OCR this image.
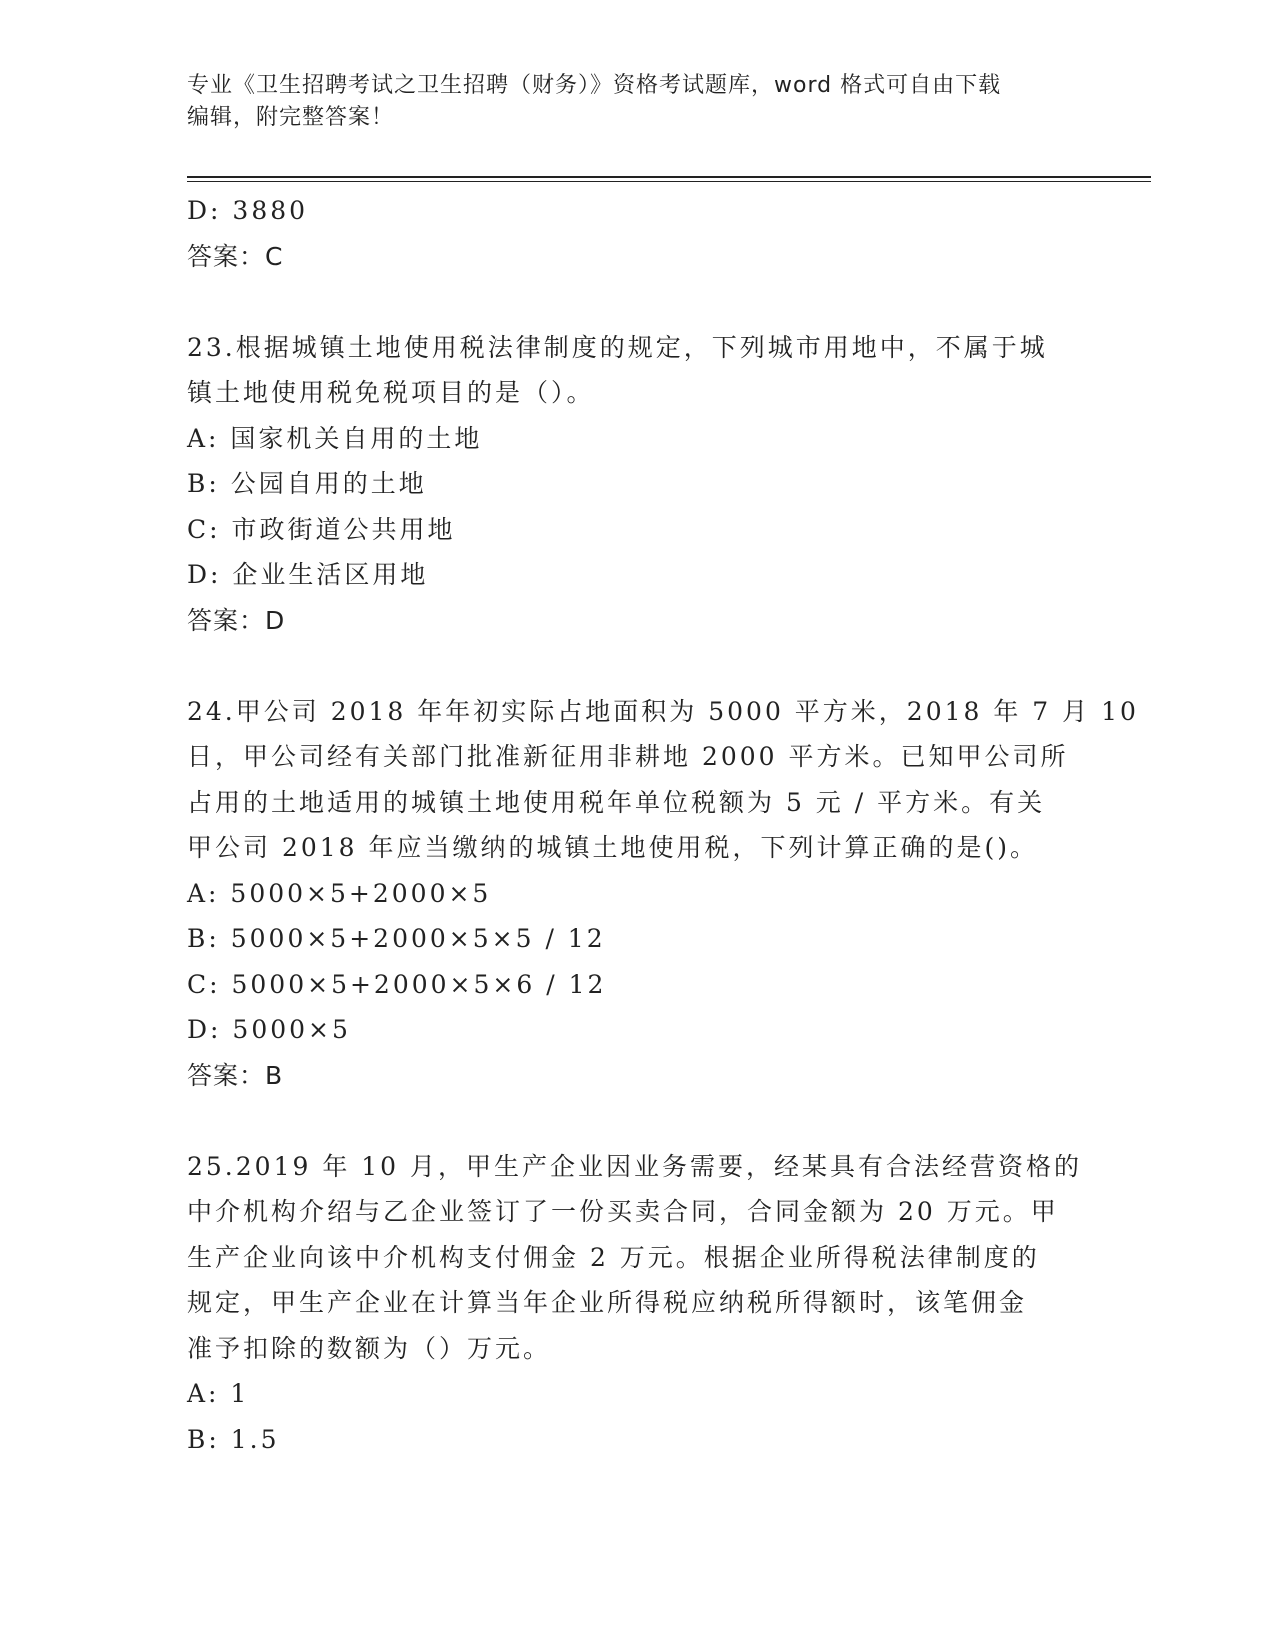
专业《卫生招聘考试之卫生招聘（财务）》资格考试题库，word 格式可自由下载
编辑，附完整答案！
D: 3880
答案：C
23.根据城镇土地使用税法律制度的规定，下列城市用地中，不属于城
镇土地使用税免税项目的是（）。
A: 国家机关自用的土地
B: 公园自用的土地
C: 市政街道公共用地
D: 企业生活区用地
答案：D
24.甲公司 2018 年年初实际占地面积为 5000 平方米，2018 年 7 月 10
日，甲公司经有关部门批准新征用非耕地 2000 平方米。已知甲公司所
占用的土地适用的城镇土地使用税年单位税额为 5 元 / 平方米。有关
甲公司 2018 年应当缴纳的城镇土地使用税，下列计算正确的是()。
A: 5000×5+2000×5
B: 5000×5+2000×5×5 / 12
C: 5000×5+2000×5×6 / 12
D: 5000×5
答案：B
25.2019 年 10 月，甲生产企业因业务需要，经某具有合法经营资格的
中介机构介绍与乙企业签订了一份买卖合同，合同金额为 20 万元。甲
生产企业向该中介机构支付佣金 2 万元。根据企业所得税法律制度的
规定，甲生产企业在计算当年企业所得税应纳税所得额时，该笔佣金
准予扣除的数额为（）万元。
A: 1
B: 1.5
